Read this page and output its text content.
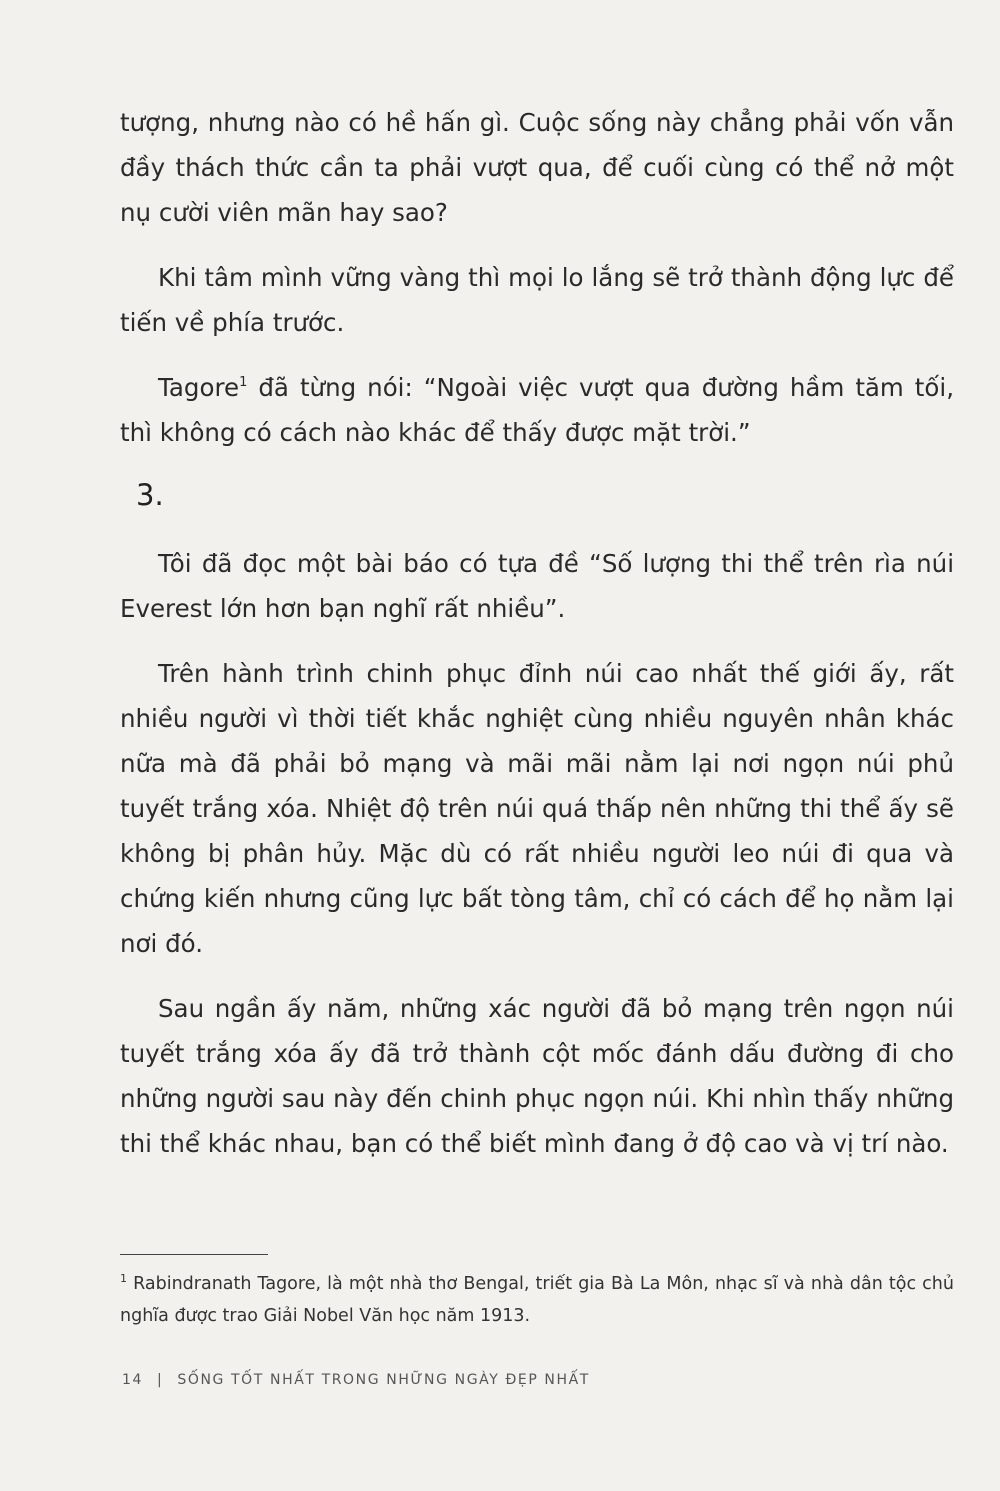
tượng, nhưng nào có hề hấn gì. Cuộc sống này chẳng phải vốn vẫn đầy thách thức cần ta phải vượt qua, để cuối cùng có thể nở một nụ cười viên mãn hay sao?

Khi tâm mình vững vàng thì mọi lo lắng sẽ trở thành động lực để tiến về phía trước.

Tagore$^1$ đã từng nói: “Ngoài việc vượt qua đường hầm tăm tối, thì không có cách nào khác để thấy được mặt trời.”

3.

Tôi đã đọc một bài báo có tựa đề “Số lượng thi thể trên rìa núi Everest lớn hơn bạn nghĩ rất nhiều”.

Trên hành trình chinh phục đỉnh núi cao nhất thế giới ấy, rất nhiều người vì thời tiết khắc nghiệt cùng nhiều nguyên nhân khác nữa mà đã phải bỏ mạng và mãi mãi nằm lại nơi ngọn núi phủ tuyết trắng xóa. Nhiệt độ trên núi quá thấp nên những thi thể ấy sẽ không bị phân hủy. Mặc dù có rất nhiều người leo núi đi qua và chứng kiến nhưng cũng lực bất tòng tâm, chỉ có cách để họ nằm lại nơi đó.

Sau ngần ấy năm, những xác người đã bỏ mạng trên ngọn núi tuyết trắng xóa ấy đã trở thành cột mốc đánh dấu đường đi cho những người sau này đến chinh phục ngọn núi. Khi nhìn thấy những thi thể khác nhau, bạn có thể biết mình đang ở độ cao và vị trí nào.

$^1$ Rabindranath Tagore, là một nhà thơ Bengal, triết gia Bà La Môn, nhạc sĩ và nhà dân tộc chủ nghĩa được trao Giải Nobel Văn học năm 1913.
14 | SỐNG TỐT NHẤT TRONG NHỮNG NGÀY ĐẸP NHẤT
